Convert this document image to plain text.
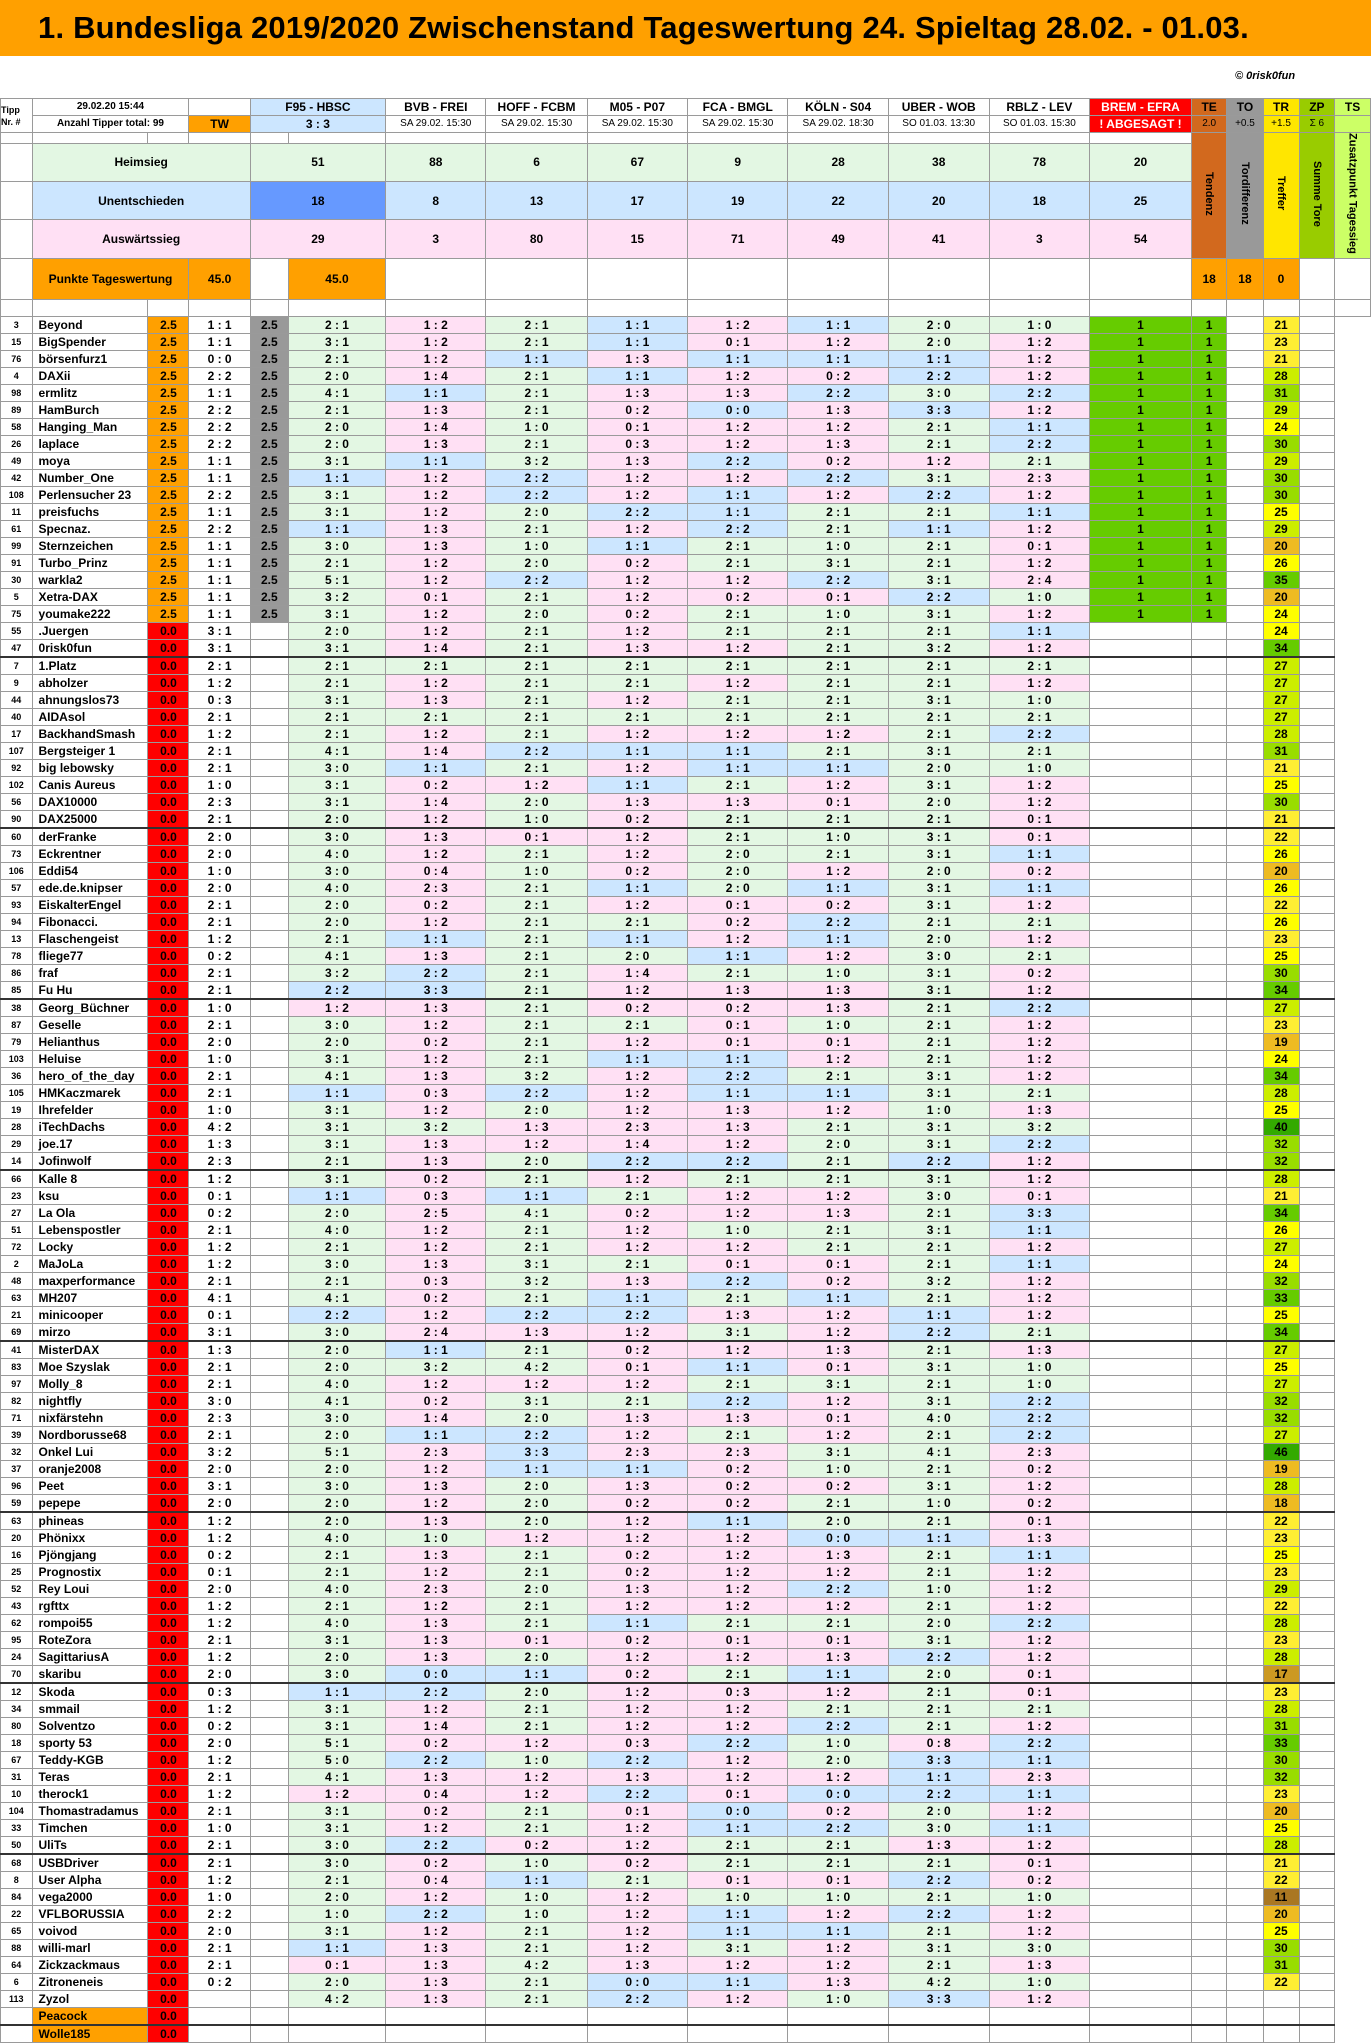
1. Bundesliga 2019/2020 Zwischenstand Tageswertung 24. Spieltag 28.02. - 01.03.
© 0risk0fun
Tipp Nr. #	29.02.20 15:44			F95 - HBSC		BVB - FREI	HOFF - FCBM	M05 - P07	FCA - BMGL	KÖLN - S04	UBER - WOB	RBLZ - LEV	BREM - EFRA	TE	TO	TR	ZP	TS
	Anzahl Tipper total: 99		TW	3 : 3		SA 29.02. 15:30	SA 29.02. 15:30	SA 29.02. 15:30	SA 29.02. 15:30	SA 29.02. 18:30	SO 01.03. 13:30	SO 01.03. 15:30	! ABGESAGT !	2.0	+0.5	+1.5	Σ 6	
														Tendenz	Tordifferenz	Treffer	Summe Tore	Zusatzpunkt Tagessieg
	Heimsieg			51		88	6	67	9	28	38	78	20					
	Unentschieden			18		8	13	17	19	22	20	18	25					
	Auswärtssieg			29		3	80	15	71	49	41	3	54					
	Punkte Tageswertung		45.0		45.0									18	18	0		

3	Beyond	2.5	1 : 1	2.5	2 : 1	1 : 2	2 : 1	1 : 1	1 : 2	1 : 1	2 : 0	1 : 0	1	1		21		
15	BigSpender	2.5	1 : 1	2.5	3 : 1	1 : 2	2 : 1	1 : 1	0 : 1	1 : 2	2 : 0	1 : 2	1	1		23		
76	börsenfurz1	2.5	0 : 0	2.5	2 : 1	1 : 2	1 : 1	1 : 3	1 : 1	1 : 1	1 : 1	1 : 2	1	1		21		
4	DAXii	2.5	2 : 2	2.5	2 : 0	1 : 4	2 : 1	1 : 1	1 : 2	0 : 2	2 : 2	1 : 2	1	1		28		
98	ermlitz	2.5	1 : 1	2.5	4 : 1	1 : 1	2 : 1	1 : 3	1 : 3	2 : 2	3 : 0	2 : 2	1	1		31		
89	HamBurch	2.5	2 : 2	2.5	2 : 1	1 : 3	2 : 1	0 : 2	0 : 0	1 : 3	3 : 3	1 : 2	1	1		29		
58	Hanging_Man	2.5	2 : 2	2.5	2 : 0	1 : 4	1 : 0	0 : 1	1 : 2	1 : 2	2 : 1	1 : 1	1	1		24		
26	laplace	2.5	2 : 2	2.5	2 : 0	1 : 3	2 : 1	0 : 3	1 : 2	1 : 3	2 : 1	2 : 2	1	1		30		
49	moya	2.5	1 : 1	2.5	3 : 1	1 : 1	3 : 2	1 : 3	2 : 2	0 : 2	1 : 2	2 : 1	1	1		29		
42	Number_One	2.5	1 : 1	2.5	1 : 1	1 : 2	2 : 2	1 : 2	1 : 2	2 : 2	3 : 1	2 : 3	1	1		30		
108	Perlensucher 23	2.5	2 : 2	2.5	3 : 1	1 : 2	2 : 2	1 : 2	1 : 1	1 : 2	2 : 2	1 : 2	1	1		30		
11	preisfuchs	2.5	1 : 1	2.5	3 : 1	1 : 2	2 : 0	2 : 2	1 : 1	2 : 1	2 : 1	1 : 1	1	1		25		
61	Specnaz.	2.5	2 : 2	2.5	1 : 1	1 : 3	2 : 1	1 : 2	2 : 2	2 : 1	1 : 1	1 : 2	1	1		29		
99	Sternzeichen	2.5	1 : 1	2.5	3 : 0	1 : 3	1 : 0	1 : 1	2 : 1	1 : 0	2 : 1	0 : 1	1	1		20		
91	Turbo_Prinz	2.5	1 : 1	2.5	2 : 1	1 : 2	2 : 0	0 : 2	2 : 1	3 : 1	2 : 1	1 : 2	1	1		26		
30	warkla2	2.5	1 : 1	2.5	5 : 1	1 : 2	2 : 2	1 : 2	1 : 2	2 : 2	3 : 1	2 : 4	1	1		35		
5	Xetra-DAX	2.5	1 : 1	2.5	3 : 2	0 : 1	2 : 1	1 : 2	0 : 2	0 : 1	2 : 2	1 : 0	1	1		20		
75	youmake222	2.5	1 : 1	2.5	3 : 1	1 : 2	2 : 0	0 : 2	2 : 1	1 : 0	3 : 1	1 : 2	1	1		24		
55	.Juergen	0.0	3 : 1		2 : 0	1 : 2	2 : 1	1 : 2	2 : 1	2 : 1	2 : 1	1 : 1				24		
47	0risk0fun	0.0	3 : 1		3 : 1	1 : 4	2 : 1	1 : 3	1 : 2	2 : 1	3 : 2	1 : 2				34		
7	1.Platz	0.0	2 : 1		2 : 1	2 : 1	2 : 1	2 : 1	2 : 1	2 : 1	2 : 1	2 : 1				27		
9	abholzer	0.0	1 : 2		2 : 1	1 : 2	2 : 1	2 : 1	1 : 2	2 : 1	2 : 1	1 : 2				27		
44	ahnungslos73	0.0	0 : 3		3 : 1	1 : 3	2 : 1	1 : 2	2 : 1	2 : 1	3 : 1	1 : 0				27		
40	AIDAsol	0.0	2 : 1		2 : 1	2 : 1	2 : 1	2 : 1	2 : 1	2 : 1	2 : 1	2 : 1				27		
17	BackhandSmash	0.0	1 : 2		2 : 1	1 : 2	2 : 1	1 : 2	1 : 2	1 : 2	2 : 1	2 : 2				28		
107	Bergsteiger 1	0.0	2 : 1		4 : 1	1 : 4	2 : 2	1 : 1	1 : 1	2 : 1	3 : 1	2 : 1				31		
92	big lebowsky	0.0	2 : 1		3 : 0	1 : 1	2 : 1	1 : 2	1 : 1	1 : 1	2 : 0	1 : 0				21		
102	Canis Aureus	0.0	1 : 0		3 : 1	0 : 2	1 : 2	1 : 1	2 : 1	1 : 2	3 : 1	1 : 2				25		
56	DAX10000	0.0	2 : 3		3 : 1	1 : 4	2 : 0	1 : 3	1 : 3	0 : 1	2 : 0	1 : 2				30		
90	DAX25000	0.0	2 : 1		2 : 0	1 : 2	1 : 0	0 : 2	2 : 1	2 : 1	2 : 1	0 : 1				21		
60	derFranke	0.0	2 : 0		3 : 0	1 : 3	0 : 1	1 : 2	2 : 1	1 : 0	3 : 1	0 : 1				22		
73	Eckrentner	0.0	2 : 0		4 : 0	1 : 2	2 : 1	1 : 2	2 : 0	2 : 1	3 : 1	1 : 1				26		
106	Eddi54	0.0	1 : 0		3 : 0	0 : 4	1 : 0	0 : 2	2 : 0	1 : 2	2 : 0	0 : 2				20		
57	ede.de.knipser	0.0	2 : 0		4 : 0	2 : 3	2 : 1	1 : 1	2 : 0	1 : 1	3 : 1	1 : 1				26		
93	EiskalterEngel	0.0	2 : 1		2 : 0	0 : 2	2 : 1	1 : 2	0 : 1	0 : 2	3 : 1	1 : 2				22		
94	Fibonacci.	0.0	2 : 1		2 : 0	1 : 2	2 : 1	2 : 1	0 : 2	2 : 2	2 : 1	2 : 1				26		
13	Flaschengeist	0.0	1 : 2		2 : 1	1 : 1	2 : 1	1 : 1	1 : 2	1 : 1	2 : 0	1 : 2				23		
78	fliege77	0.0	0 : 2		4 : 1	1 : 3	2 : 1	2 : 0	1 : 1	1 : 2	3 : 0	2 : 1				25		
86	fraf	0.0	2 : 1		3 : 2	2 : 2	2 : 1	1 : 4	2 : 1	1 : 0	3 : 1	0 : 2				30		
85	Fu Hu	0.0	2 : 1		2 : 2	3 : 3	2 : 1	1 : 2	1 : 3	1 : 3	3 : 1	1 : 2				34		
38	Georg_Büchner	0.0	1 : 0		1 : 2	1 : 3	2 : 1	0 : 2	0 : 2	1 : 3	2 : 1	2 : 2				27		
87	Geselle	0.0	2 : 1		3 : 0	1 : 2	2 : 1	2 : 1	0 : 1	1 : 0	2 : 1	1 : 2				23		
79	Helianthus	0.0	2 : 0		2 : 0	0 : 2	2 : 1	1 : 2	0 : 1	0 : 1	2 : 1	1 : 2				19		
103	Heluise	0.0	1 : 0		3 : 1	1 : 2	2 : 1	1 : 1	1 : 1	1 : 2	2 : 1	1 : 2				24		
36	hero_of_the_day	0.0	2 : 1		4 : 1	1 : 3	3 : 2	1 : 2	2 : 2	2 : 1	3 : 1	1 : 2				34		
105	HMKaczmarek	0.0	2 : 1		1 : 1	0 : 3	2 : 2	1 : 2	1 : 1	1 : 1	3 : 1	2 : 1				28		
19	Ihrefelder	0.0	1 : 0		3 : 1	1 : 2	2 : 0	1 : 2	1 : 3	1 : 2	1 : 0	1 : 3				25		
28	iTechDachs	0.0	4 : 2		3 : 1	3 : 2	1 : 3	2 : 3	1 : 3	2 : 1	3 : 1	3 : 2				40		
29	joe.17	0.0	1 : 3		3 : 1	1 : 3	1 : 2	1 : 4	1 : 2	2 : 0	3 : 1	2 : 2				32		
14	Jofinwolf	0.0	2 : 3		2 : 1	1 : 3	2 : 0	2 : 2	2 : 2	2 : 1	2 : 2	1 : 2				32		
66	Kalle 8	0.0	1 : 2		3 : 1	0 : 2	2 : 1	1 : 2	2 : 1	2 : 1	3 : 1	1 : 2				28		
23	ksu	0.0	0 : 1		1 : 1	0 : 3	1 : 1	2 : 1	1 : 2	1 : 2	3 : 0	0 : 1				21		
27	La Ola	0.0	0 : 2		2 : 0	2 : 5	4 : 1	0 : 2	1 : 2	1 : 3	2 : 1	3 : 3				34		
51	Lebenspostler	0.0	2 : 1		4 : 0	1 : 2	2 : 1	1 : 2	1 : 0	2 : 1	3 : 1	1 : 1				26		
72	Locky	0.0	1 : 2		2 : 1	1 : 2	2 : 1	1 : 2	1 : 2	2 : 1	2 : 1	1 : 2				27		
2	MaJoLa	0.0	1 : 2		3 : 0	1 : 3	3 : 1	2 : 1	0 : 1	0 : 1	2 : 1	1 : 1				24		
48	maxperformance	0.0	2 : 1		2 : 1	0 : 3	3 : 2	1 : 3	2 : 2	0 : 2	3 : 2	1 : 2				32		
63	MH207	0.0	4 : 1		4 : 1	0 : 2	2 : 1	1 : 1	2 : 1	1 : 1	2 : 1	1 : 2				33		
21	minicooper	0.0	0 : 1		2 : 2	1 : 2	2 : 2	2 : 2	1 : 3	1 : 2	1 : 1	1 : 2				25		
69	mirzo	0.0	3 : 1		3 : 0	2 : 4	1 : 3	1 : 2	3 : 1	1 : 2	2 : 2	2 : 1				34		
41	MisterDAX	0.0	1 : 3		2 : 0	1 : 1	2 : 1	0 : 2	1 : 2	1 : 3	2 : 1	1 : 3				27		
83	Moe Szyslak	0.0	2 : 1		2 : 0	3 : 2	4 : 2	0 : 1	1 : 1	0 : 1	3 : 1	1 : 0				25		
97	Molly_8	0.0	2 : 1		4 : 0	1 : 2	1 : 2	1 : 2	2 : 1	3 : 1	2 : 1	1 : 0				27		
82	nightfly	0.0	3 : 0		4 : 1	0 : 2	3 : 1	2 : 1	2 : 2	1 : 2	3 : 1	2 : 2				32		
71	nixfärstehn	0.0	2 : 3		3 : 0	1 : 4	2 : 0	1 : 3	1 : 3	0 : 1	4 : 0	2 : 2				32		
39	Nordborusse68	0.0	2 : 1		2 : 0	1 : 1	2 : 2	1 : 2	2 : 1	1 : 2	2 : 1	2 : 2				27		
32	Onkel Lui	0.0	3 : 2		5 : 1	2 : 3	3 : 3	2 : 3	2 : 3	3 : 1	4 : 1	2 : 3				46		
37	oranje2008	0.0	2 : 0		2 : 0	1 : 2	1 : 1	1 : 1	0 : 2	1 : 0	2 : 1	0 : 2				19		
96	Peet	0.0	3 : 1		3 : 0	1 : 3	2 : 0	1 : 3	0 : 2	0 : 2	3 : 1	1 : 2				28		
59	pepepe	0.0	2 : 0		2 : 0	1 : 2	2 : 0	0 : 2	0 : 2	2 : 1	1 : 0	0 : 2				18		
63	phineas	0.0	1 : 2		2 : 0	1 : 3	2 : 0	1 : 2	1 : 1	2 : 0	2 : 1	0 : 1				22		
20	Phönixx	0.0	1 : 2		4 : 0	1 : 0	1 : 2	1 : 2	1 : 2	0 : 0	1 : 1	1 : 3				23		
16	Pjöngjang	0.0	0 : 2		2 : 1	1 : 3	2 : 1	0 : 2	1 : 2	1 : 3	2 : 1	1 : 1				25		
25	Prognostix	0.0	0 : 1		2 : 1	1 : 2	2 : 1	0 : 2	1 : 2	1 : 2	2 : 1	1 : 2				23		
52	Rey Loui	0.0	2 : 0		4 : 0	2 : 3	2 : 0	1 : 3	1 : 2	2 : 2	1 : 0	1 : 2				29		
43	rgfttx	0.0	1 : 2		2 : 1	1 : 2	2 : 1	1 : 2	1 : 2	1 : 2	2 : 1	1 : 2				22		
62	rompoi55	0.0	1 : 2		4 : 0	1 : 3	2 : 1	1 : 1	2 : 1	2 : 1	2 : 0	2 : 2				28		
95	RoteZora	0.0	2 : 1		3 : 1	1 : 3	0 : 1	0 : 2	0 : 1	0 : 1	3 : 1	1 : 2				23		
24	SagittariusA	0.0	1 : 2		2 : 0	1 : 3	2 : 0	1 : 2	1 : 2	1 : 3	2 : 2	1 : 2				28		
70	skaribu	0.0	2 : 0		3 : 0	0 : 0	1 : 1	0 : 2	2 : 1	1 : 1	2 : 0	0 : 1				17		
12	Skoda	0.0	0 : 3		1 : 1	2 : 2	2 : 0	1 : 2	0 : 3	1 : 2	2 : 1	0 : 1				23		
34	smmail	0.0	1 : 2		3 : 1	1 : 2	2 : 1	1 : 2	1 : 2	2 : 1	2 : 1	2 : 1				28		
80	Solventzo	0.0	0 : 2		3 : 1	1 : 4	2 : 1	1 : 2	1 : 2	2 : 2	2 : 1	1 : 2				31		
18	sporty 53	0.0	2 : 0		5 : 1	0 : 2	1 : 2	0 : 3	2 : 2	1 : 0	0 : 8	2 : 2				33		
67	Teddy-KGB	0.0	1 : 2		5 : 0	2 : 2	1 : 0	2 : 2	1 : 2	2 : 0	3 : 3	1 : 1				30		
31	Teras	0.0	2 : 1		4 : 1	1 : 3	1 : 2	1 : 3	1 : 2	1 : 2	1 : 1	2 : 3				32		
10	therock1	0.0	1 : 2		1 : 2	0 : 4	1 : 2	2 : 2	0 : 1	0 : 0	2 : 2	1 : 1				23		
104	Thomastradamus	0.0	2 : 1		3 : 1	0 : 2	2 : 1	0 : 1	0 : 0	0 : 2	2 : 0	1 : 2				20		
33	Timchen	0.0	1 : 0		3 : 1	1 : 2	2 : 1	1 : 2	1 : 1	2 : 2	3 : 0	1 : 1				25		
50	UliTs	0.0	2 : 1		3 : 0	2 : 2	0 : 2	1 : 2	2 : 1	2 : 1	1 : 3	1 : 2				28		
68	USBDriver	0.0	2 : 1		3 : 0	0 : 2	1 : 0	0 : 2	2 : 1	2 : 1	2 : 1	0 : 1				21		
8	User Alpha	0.0	1 : 2		2 : 1	0 : 4	1 : 1	2 : 1	0 : 1	0 : 1	2 : 2	0 : 2				22		
84	vega2000	0.0	1 : 0		2 : 0	1 : 2	1 : 0	1 : 2	1 : 0	1 : 0	2 : 1	1 : 0				11		
22	VFLBORUSSIA	0.0	2 : 2		1 : 0	2 : 2	1 : 0	1 : 2	1 : 1	1 : 2	2 : 2	1 : 2				20		
65	voivod	0.0	2 : 0		3 : 1	1 : 2	2 : 1	1 : 2	1 : 1	1 : 1	2 : 1	1 : 2				25		
88	willi-marl	0.0	2 : 1		1 : 1	1 : 3	2 : 1	1 : 2	3 : 1	1 : 2	3 : 1	3 : 0				30		
64	Zickzackmaus	0.0	2 : 1		0 : 1	1 : 3	4 : 2	1 : 3	1 : 2	1 : 2	2 : 1	1 : 3				31		
6	Zitroneneis	0.0	0 : 2		2 : 0	1 : 3	2 : 1	0 : 0	1 : 1	1 : 3	4 : 2	1 : 0				22		
113	Zyzol	0.0			4 : 2	1 : 3	2 : 1	2 : 2	1 : 2	1 : 0	3 : 3	1 : 2						
	Peacock	0.0																
	Wolle185	0.0																
